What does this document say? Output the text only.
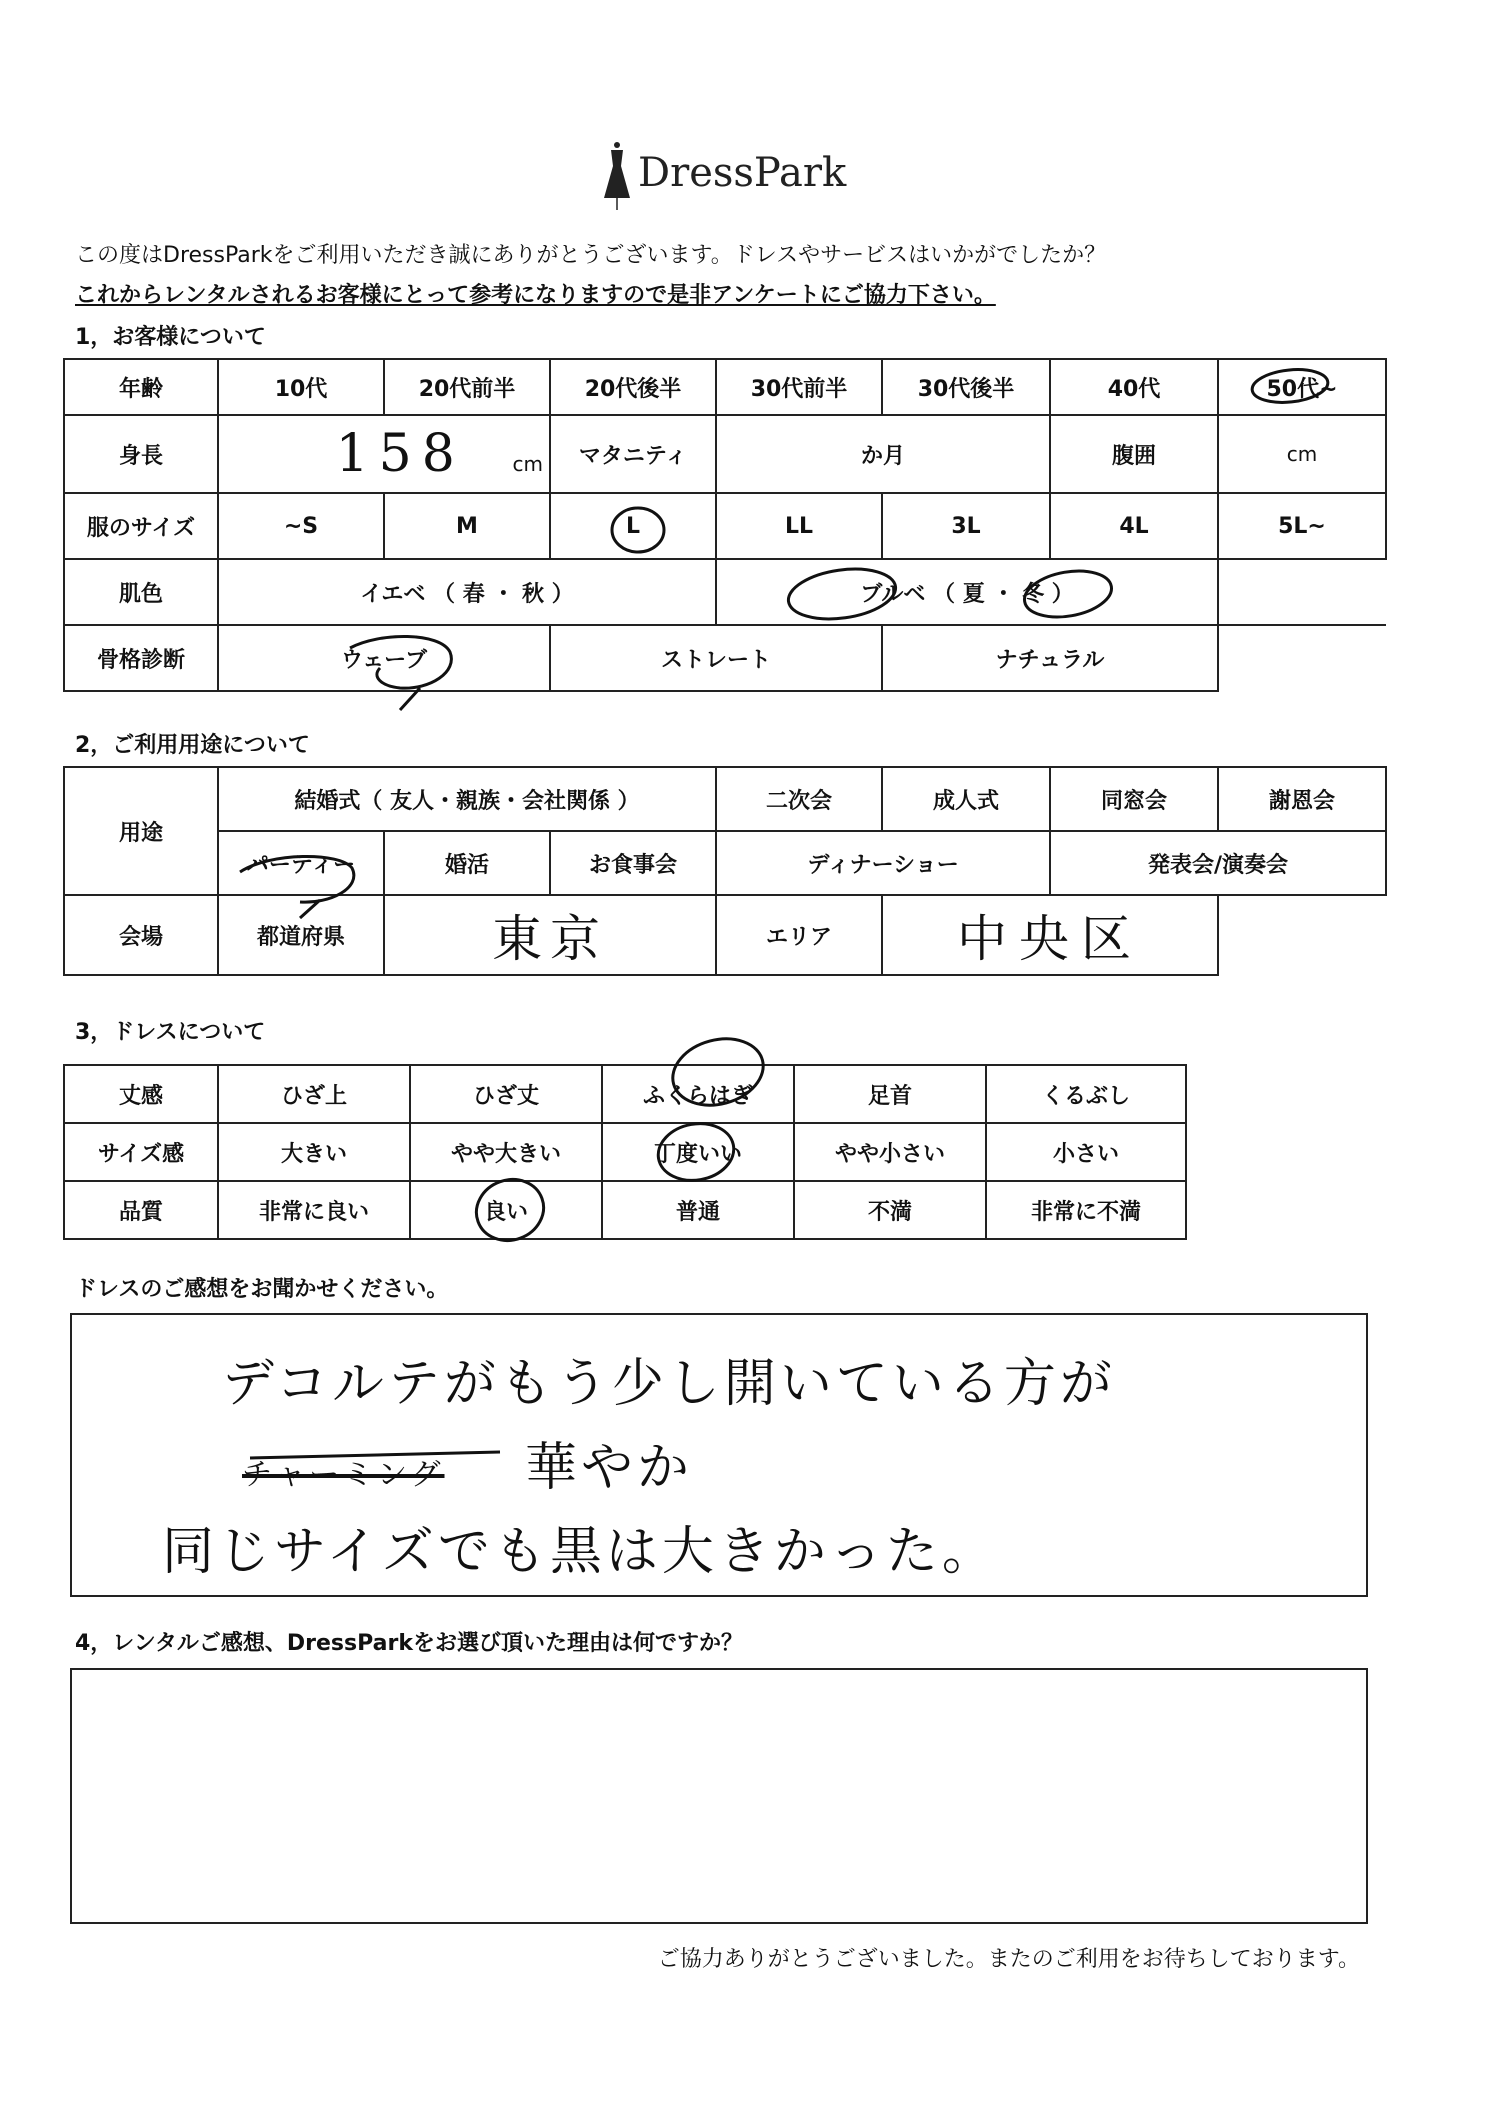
DressPark
この度はDressParkをご利用いただき誠にありがとうございます。ドレスやサービスはいかがでしたか？
これからレンタルされるお客様にとって参考になりますので是非アンケートにご協力下さい。
1，お客様について
年齢	10代	20代前半	20代後半	30代前半	30代後半	40代	50代~
身長	158 cm		マタニティ	か月		腹囲	cm
服のサイズ	~S	M	L	LL	3L	4L	5L~
肌色	イエベ （ 春 ・ 秋 ）			ブルベ （ 夏 ・ 冬 ）			
骨格診断	ウェーブ		ストレート		ナチュラル		
2，ご利用用途について
用途	結婚式（ 友人・親族・会社関係 ）			二次会	成人式	同窓会	謝恩会
	パーティー	婚活	お食事会	ディナーショー		発表会/演奏会	
会場	都道府県	東京		エリア	中央区		
3，ドレスについて
丈感	ひざ上	ひざ丈	ふくらはぎ	足首	くるぶし
サイズ感	大きい	やや大きい	丁度いい	やや小さい	小さい
品質	非常に良い	良い	普通	不満	非常に不満
ドレスのご感想をお聞かせください。
デコルテがもう少し開いている方が
チャーミング 華やか
同じサイズでも黒は大きかった。
4，レンタルご感想、DressParkをお選び頂いた理由は何ですか？
ご協力ありがとうございました。またのご利用をお待ちしております。
